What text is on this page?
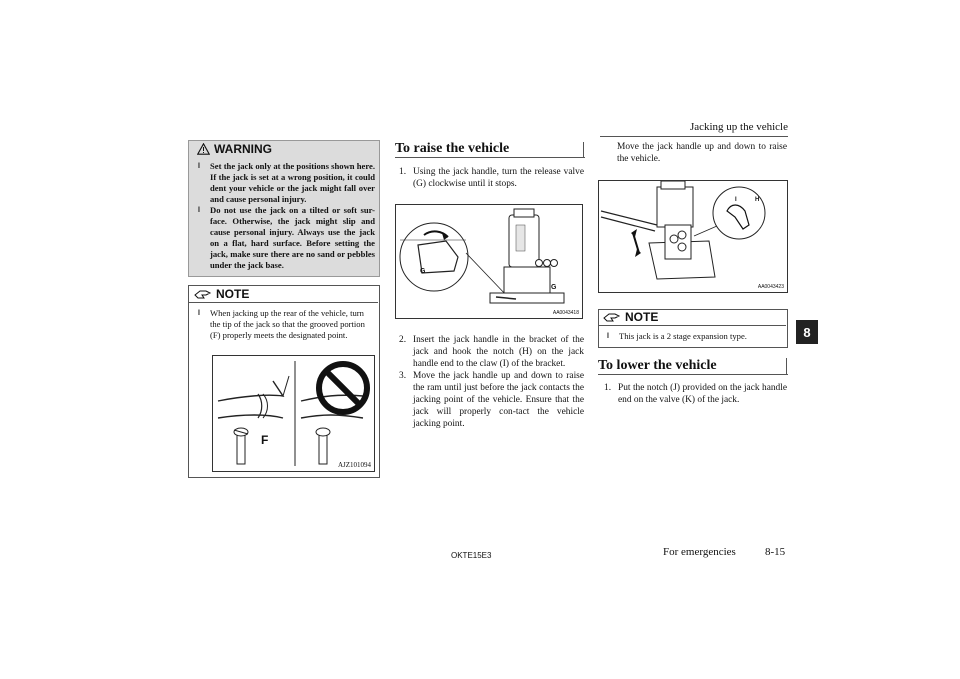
Jacking up the vehicle
8
WARNING

l Set the jack only at the positions shown here. If the jack is set at a wrong position, it could dent your vehicle or the jack might fall over and cause personal injury.

l Do not use the jack on a tilted or soft sur-face. Otherwise, the jack might slip and cause personal injury. Always use the jack on a flat, hard surface. Before setting the jack, make sure there are no sand or pebbles under the jack base.

NOTE

l When jacking up the rear of the vehicle, turn the tip of the jack so that the grooved portion (F) properly meets the designated point.

F
AJZ101094
To raise the vehicle

1. Using the jack handle, turn the release valve (G) clockwise until it stops.

G
G
AA0043418

2. Insert the jack handle in the bracket of the jack and hook the notch (H) on the jack handle end to the claw (I) of the bracket.

3. Move the jack handle up and down to raise the ram until just before the jack contacts the jacking point of the vehicle. Ensure that the jack will properly con-tact the vehicle jacking point.

Move the jack handle up and down to raise the vehicle.
I	H
AA0043423
NOTE

l This jack is a 2 stage expansion type.

To lower the vehicle

1. Put the notch (J) provided on the jack handle end on the valve (K) of the jack.

OKTE15E3	For emergencies	8-15
